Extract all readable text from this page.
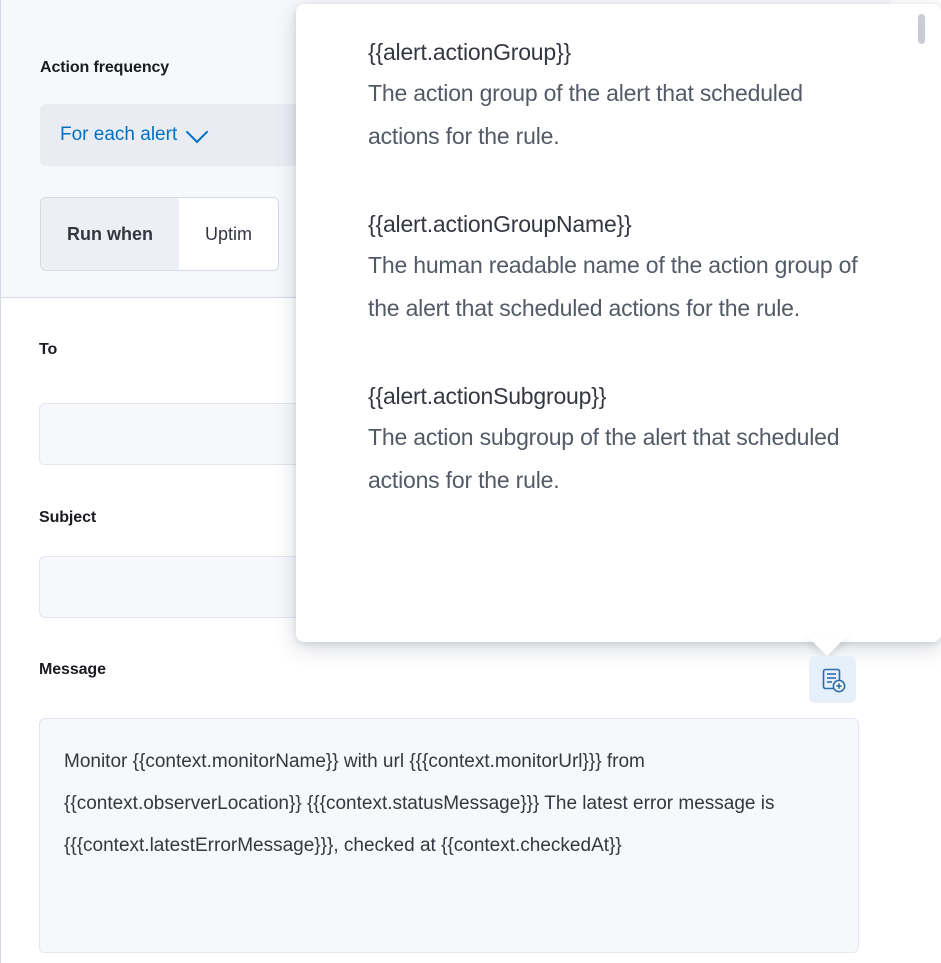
Action frequency
For each alert
Run when	Uptim
To
Subject
Message
Monitor {{context.monitorName}} with url {{{context.monitorUrl}}} from {{context.observerLocation}} {{{context.statusMessage}}} The latest error message is {{{context.latestErrorMessage}}}, checked at {{context.checkedAt}}
{{alert.actionGroup}}
The action group of the alert that scheduled actions for the rule.
{{alert.actionGroupName}}
The human readable name of the action group of the alert that scheduled actions for the rule.
{{alert.actionSubgroup}}
The action subgroup of the alert that scheduled actions for the rule.
